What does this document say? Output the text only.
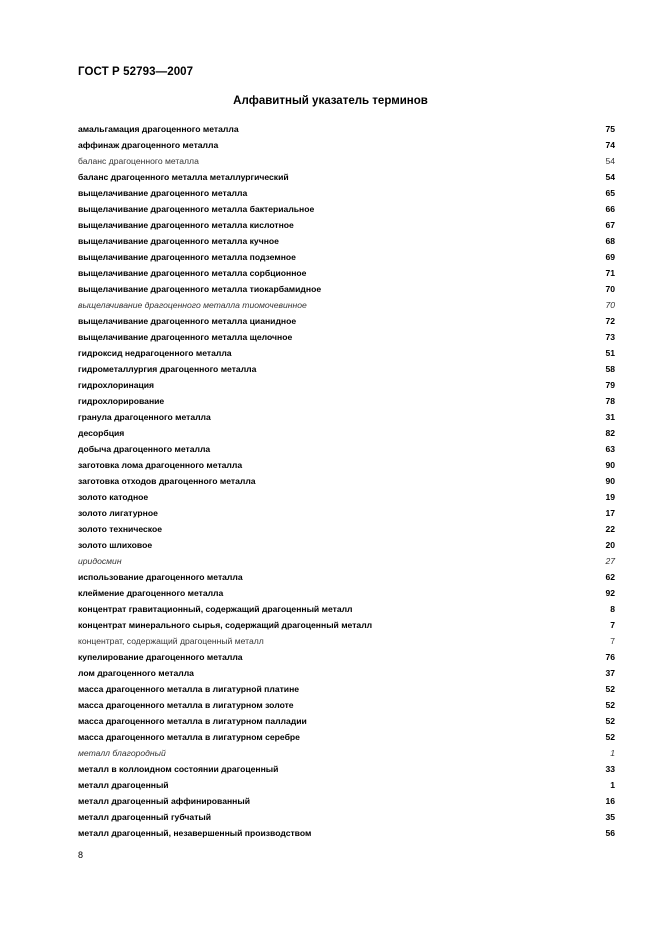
ГОСТ Р 52793—2007
Алфавитный указатель терминов
амальгамация драгоценного металла	75
аффинаж драгоценного металла	74
баланс драгоценного металла	54
баланс драгоценного металла металлургический	54
выщелачивание драгоценного металла	65
выщелачивание драгоценного металла бактериальное	66
выщелачивание драгоценного металла кислотное	67
выщелачивание драгоценного металла кучное	68
выщелачивание драгоценного металла подземное	69
выщелачивание драгоценного металла сорбционное	71
выщелачивание драгоценного металла тиокарбамидное	70
выщелачивание драгоценного металла тиомочевинное	70
выщелачивание драгоценного металла цианидное	72
выщелачивание драгоценного металла щелочное	73
гидроксид недрагоценного металла	51
гидрометаллургия драгоценного металла	58
гидрохлоринация	79
гидрохлорирование	78
гранула драгоценного металла	31
десорбция	82
добыча драгоценного металла	63
заготовка лома драгоценного металла	90
заготовка отходов драгоценного металла	90
золото катодное	19
золото лигатурное	17
золото техническое	22
золото шлиховое	20
иридосмин	27
использование драгоценного металла	62
клеймение драгоценного металла	92
концентрат гравитационный, содержащий драгоценный металл	8
концентрат минерального сырья, содержащий драгоценный металл	7
концентрат, содержащий драгоценный металл	7
купелирование драгоценного металла	76
лом драгоценного металла	37
масса драгоценного металла в лигатурной платине	52
масса драгоценного металла в лигатурном золоте	52
масса драгоценного металла в лигатурном палладии	52
масса драгоценного металла в лигатурном серебре	52
металл благородный	1
металл в коллоидном состоянии драгоценный	33
металл драгоценный	1
металл драгоценный аффинированный	16
металл драгоценный губчатый	35
металл драгоценный, незавершенный производством	56
8
